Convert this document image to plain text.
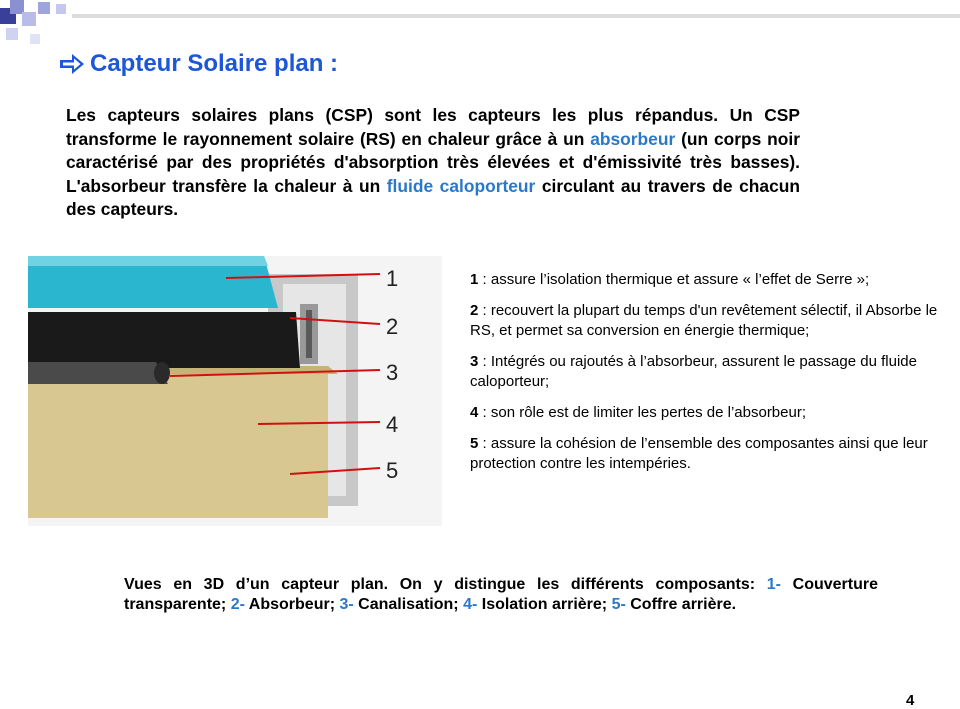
Capteur Solaire plan :
Les capteurs solaires plans (CSP) sont les capteurs les plus répandus. Un CSP transforme le rayonnement solaire (RS) en chaleur grâce à un absorbeur (un corps noir caractérisé par des propriétés d'absorption très élevées et d'émissivité très basses). L'absorbeur transfère la chaleur à un fluide caloporteur circulant au travers de chacun des capteurs.
1
2
3
4
5

1 : assure l’isolation thermique et assure « l’effet de Serre »;

2 : recouvert la plupart du temps d'un revêtement sélectif, il Absorbe le RS, et permet sa conversion en énergie thermique;

3 : Intégrés ou rajoutés à l’absorbeur, assurent le passage du fluide caloporteur;

4 : son rôle est de limiter les pertes de l’absorbeur;

5 : assure la cohésion de l’ensemble des composantes ainsi que leur protection contre les intempéries.

Vues en 3D d’un capteur plan. On y distingue les différents composants: 1- Couverture transparente; 2- Absorbeur; 3- Canalisation; 4- Isolation arrière; 5- Coffre arrière.
4
